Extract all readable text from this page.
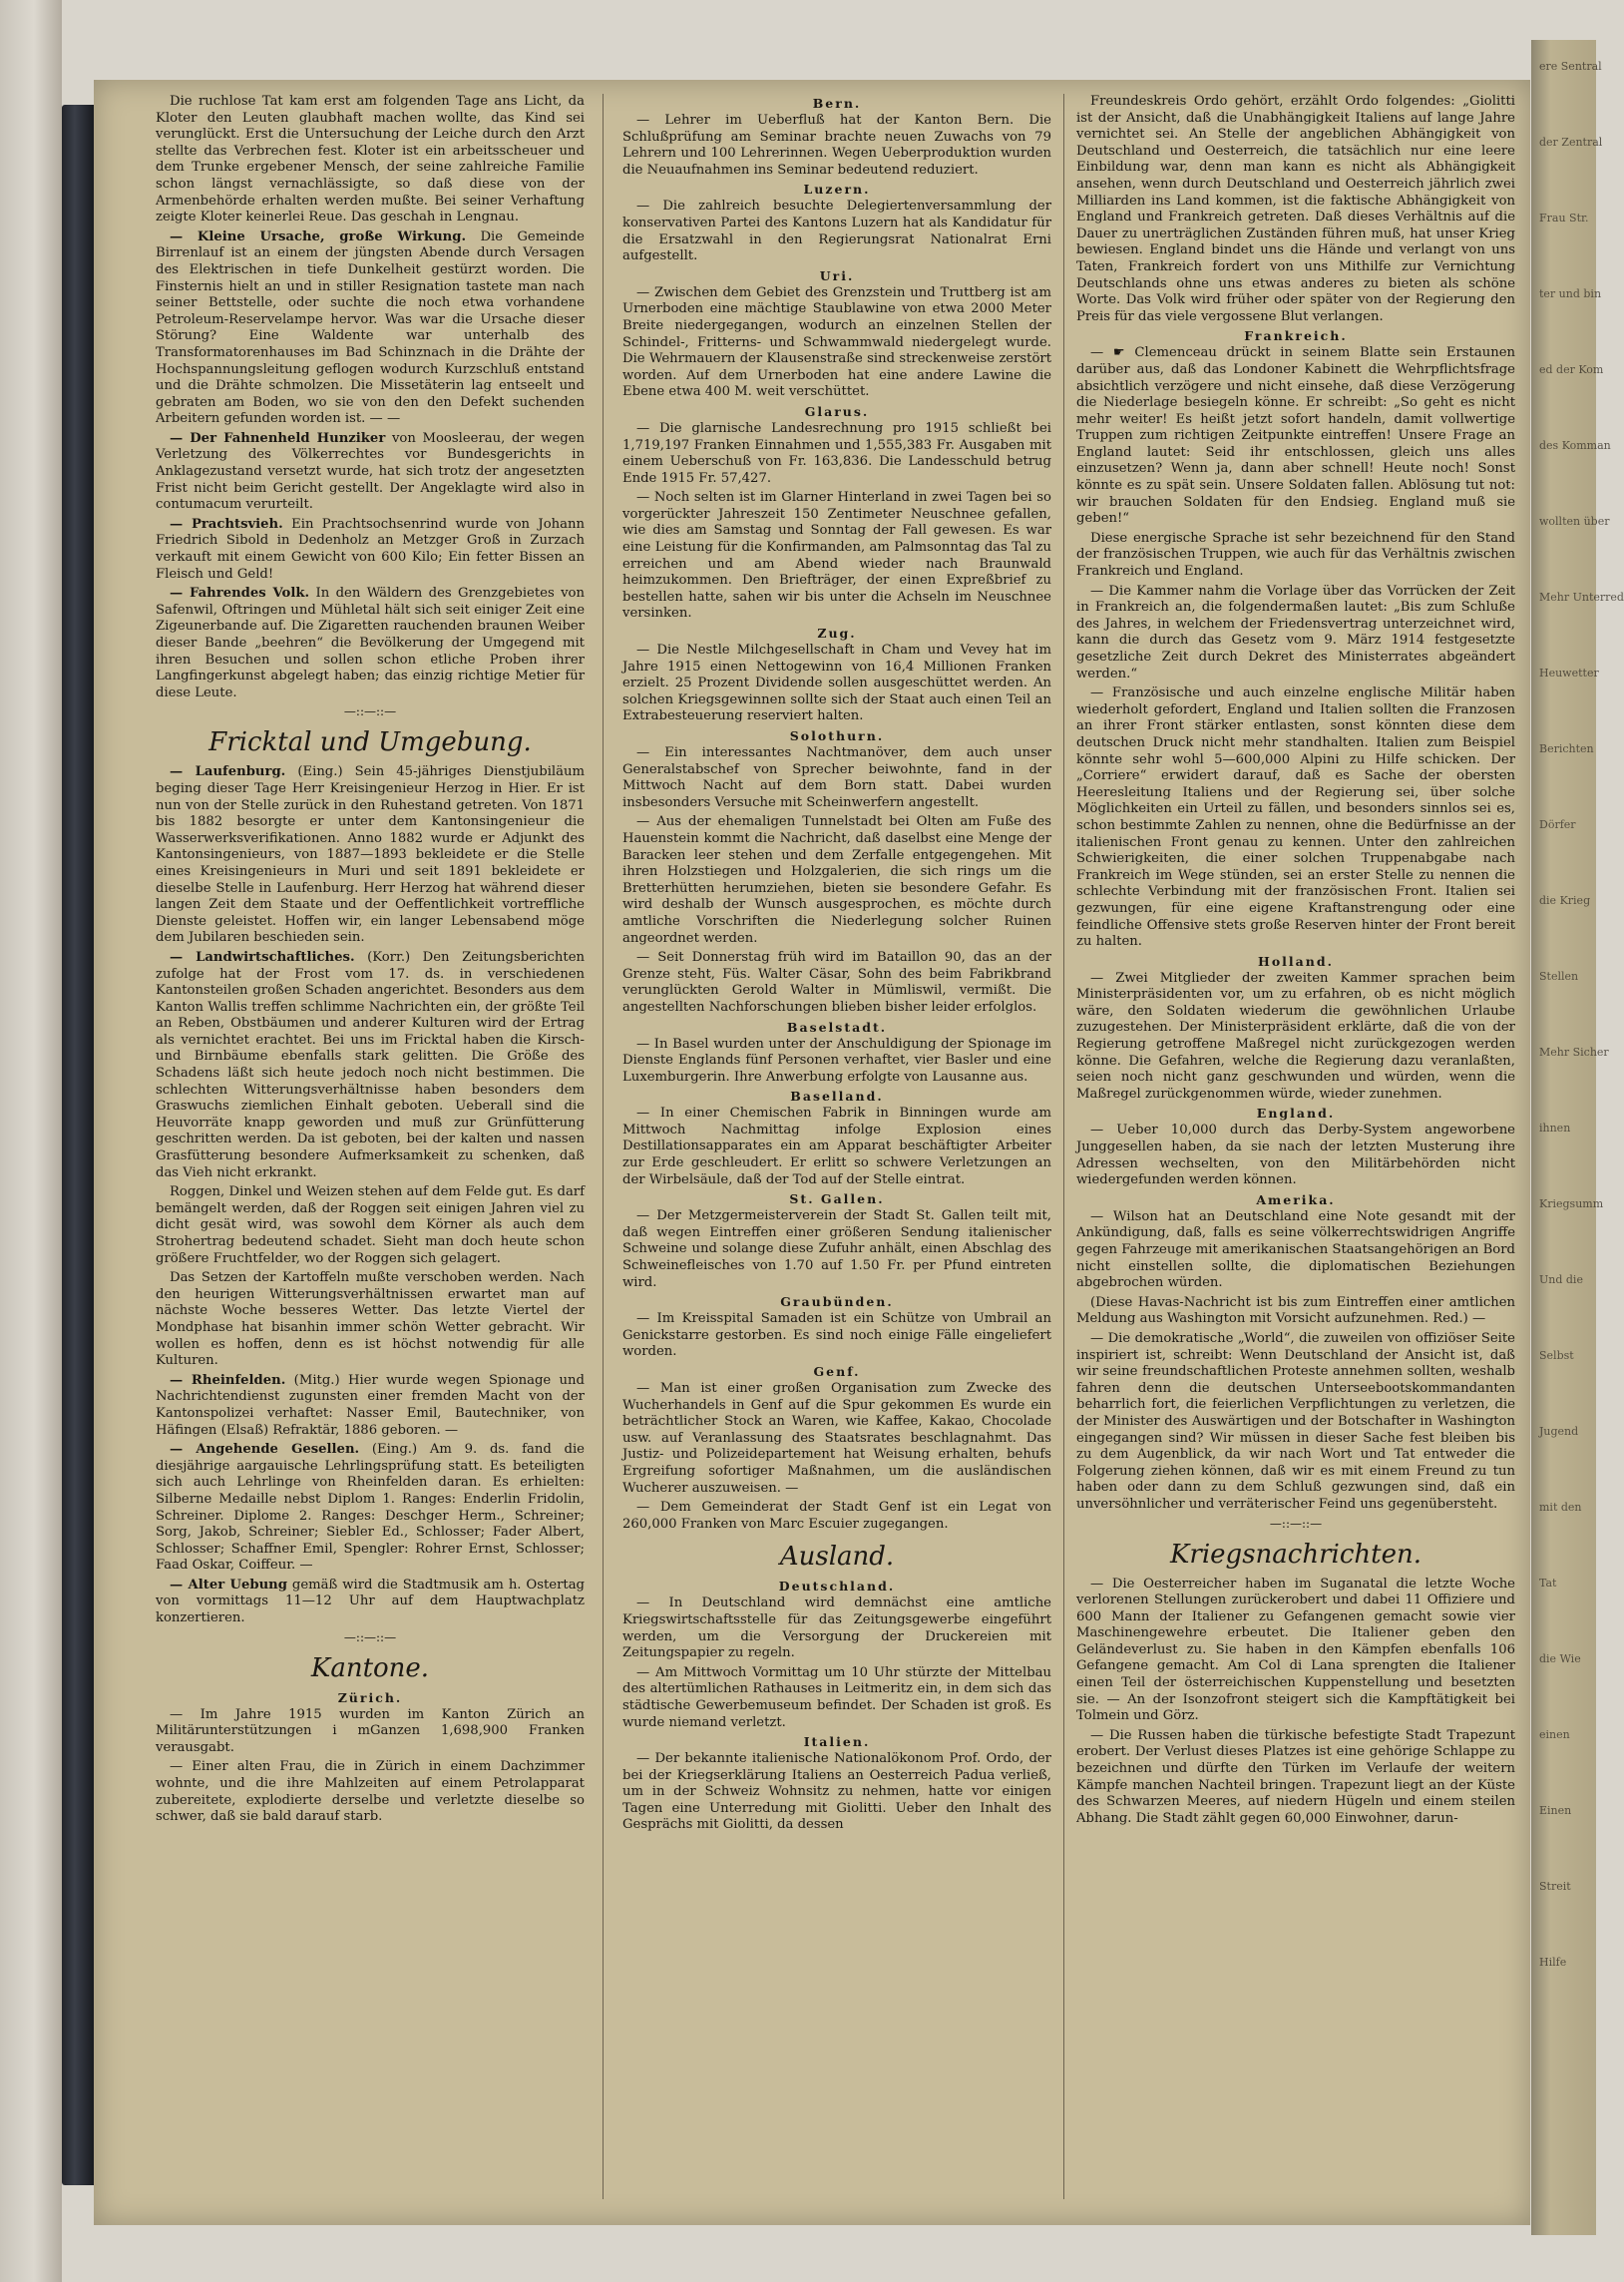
Die ruchlose Tat kam erst am folgenden Tage ans Licht, da Kloter den Leuten glaubhaft machen wollte, das Kind sei verunglückt. Erst die Untersuchung der Leiche durch den Arzt stellte das Verbrechen fest. Kloter ist ein arbeitsscheuer und dem Trunke ergebener Mensch, der seine zahlreiche Familie schon längst vernachlässigte, so daß diese von der Armenbehörde erhalten werden mußte. Bei seiner Verhaftung zeigte Kloter keinerlei Reue. Das geschah in Lengnau.

— Kleine Ursache, große Wirkung. Die Gemeinde Birrenlauf ist an einem der jüngsten Abende durch Versagen des Elektrischen in tiefe Dunkelheit gestürzt worden. Die Finsternis hielt an und in stiller Resignation tastete man nach seiner Bettstelle, oder suchte die noch etwa vorhandene Petroleum-Reservelampe hervor. Was war die Ursache dieser Störung? Eine Waldente war unterhalb des Transformatorenhauses im Bad Schinznach in die Drähte der Hochspannungsleitung geflogen wodurch Kurzschluß entstand und die Drähte schmolzen. Die Missetäterin lag entseelt und gebraten am Boden, wo sie von den den Defekt suchenden Arbeitern gefunden worden ist. — —

— Der Fahnenheld Hunziker von Moosleerau, der wegen Verletzung des Völkerrechtes vor Bundesgerichts in Anklagezustand versetzt wurde, hat sich trotz der angesetzten Frist nicht beim Gericht gestellt. Der Angeklagte wird also in contumacum verurteilt.

— Prachtsvieh. Ein Prachtsochsenrind wurde von Johann Friedrich Sibold in Dedenholz an Metzger Groß in Zurzach verkauft mit einem Gewicht von 600 Kilo; Ein fetter Bissen an Fleisch und Geld!

— Fahrendes Volk. In den Wäldern des Grenzgebietes von Safenwil, Oftringen und Mühletal hält sich seit einiger Zeit eine Zigeunerbande auf. Die Zigaretten rauchenden braunen Weiber dieser Bande „beehren“ die Bevölkerung der Umgegend mit ihren Besuchen und sollen schon etliche Proben ihrer Langfingerkunst abgelegt haben; das einzig richtige Metier für diese Leute.

—::—::—
Fricktal und Umgebung.

— Laufenburg. (Eing.) Sein 45-jähriges Dienstjubiläum beging dieser Tage Herr Kreisingenieur Herzog in Hier. Er ist nun von der Stelle zurück in den Ruhestand getreten. Von 1871 bis 1882 besorgte er unter dem Kantonsingenieur die Wasserwerksverifikationen. Anno 1882 wurde er Adjunkt des Kantonsingenieurs, von 1887—1893 bekleidete er die Stelle eines Kreisingenieurs in Muri und seit 1891 bekleidete er dieselbe Stelle in Laufenburg. Herr Herzog hat während dieser langen Zeit dem Staate und der Oeffentlichkeit vortreffliche Dienste geleistet. Hoffen wir, ein langer Lebensabend möge dem Jubilaren beschieden sein.

— Landwirtschaftliches. (Korr.) Den Zeitungsberichten zufolge hat der Frost vom 17. ds. in verschiedenen Kantonsteilen großen Schaden angerichtet. Besonders aus dem Kanton Wallis treffen schlimme Nachrichten ein, der größte Teil an Reben, Obstbäumen und anderer Kulturen wird der Ertrag als vernichtet erachtet. Bei uns im Fricktal haben die Kirsch- und Birnbäume ebenfalls stark gelitten. Die Größe des Schadens läßt sich heute jedoch noch nicht bestimmen. Die schlechten Witterungsverhältnisse haben besonders dem Graswuchs ziemlichen Einhalt geboten. Ueberall sind die Heuvorräte knapp geworden und muß zur Grünfütterung geschritten werden. Da ist geboten, bei der kalten und nassen Grasfütterung besondere Aufmerksamkeit zu schenken, daß das Vieh nicht erkrankt.

Roggen, Dinkel und Weizen stehen auf dem Felde gut. Es darf bemängelt werden, daß der Roggen seit einigen Jahren viel zu dicht gesät wird, was sowohl dem Körner als auch dem Strohertrag bedeutend schadet. Sieht man doch heute schon größere Fruchtfelder, wo der Roggen sich gelagert.

Das Setzen der Kartoffeln mußte verschoben werden. Nach den heurigen Witterungsverhältnissen erwartet man auf nächste Woche besseres Wetter. Das letzte Viertel der Mondphase hat bisanhin immer schön Wetter gebracht. Wir wollen es hoffen, denn es ist höchst notwendig für alle Kulturen.

— Rheinfelden. (Mitg.) Hier wurde wegen Spionage und Nachrichtendienst zugunsten einer fremden Macht von der Kantonspolizei verhaftet: Nasser Emil, Bautechniker, von Häfingen (Elsaß) Refraktär, 1886 geboren. —

— Angehende Gesellen. (Eing.) Am 9. ds. fand die diesjährige aargauische Lehrlingsprüfung statt. Es beteiligten sich auch Lehrlinge von Rheinfelden daran. Es erhielten: Silberne Medaille nebst Diplom 1. Ranges: Enderlin Fridolin, Schreiner. Diplome 2. Ranges: Deschger Herm., Schreiner; Sorg, Jakob, Schreiner; Siebler Ed., Schlosser; Fader Albert, Schlosser; Schaffner Emil, Spengler: Rohrer Ernst, Schlosser; Faad Oskar, Coiffeur. —

— Alter Uebung gemäß wird die Stadtmusik am h. Ostertag von vormittags 11—12 Uhr auf dem Hauptwachplatz konzertieren.

—::—::—
Kantone.
Zürich.

— Im Jahre 1915 wurden im Kanton Zürich an Militärunterstützungen i mGanzen 1,698,900 Franken verausgabt.

— Einer alten Frau, die in Zürich in einem Dachzimmer wohnte, und die ihre Mahlzeiten auf einem Petrolapparat zubereitete, explodierte derselbe und verletzte dieselbe so schwer, daß sie bald darauf starb.

Bern.

— Lehrer im Ueberfluß hat der Kanton Bern. Die Schlußprüfung am Seminar brachte neuen Zuwachs von 79 Lehrern und 100 Lehrerinnen. Wegen Ueberproduktion wurden die Neuaufnahmen ins Seminar bedeutend reduziert.

Luzern.

— Die zahlreich besuchte Delegiertenversammlung der konservativen Partei des Kantons Luzern hat als Kandidatur für die Ersatzwahl in den Regierungsrat Nationalrat Erni aufgestellt.

Uri.

— Zwischen dem Gebiet des Grenzstein und Truttberg ist am Urnerboden eine mächtige Staublawine von etwa 2000 Meter Breite niedergegangen, wodurch an einzelnen Stellen der Schindel-, Fritterns- und Schwammwald niedergelegt wurde. Die Wehrmauern der Klausenstraße sind streckenweise zerstört worden. Auf dem Urnerboden hat eine andere Lawine die Ebene etwa 400 M. weit verschüttet.

Glarus.

— Die glarnische Landesrechnung pro 1915 schließt bei 1,719,197 Franken Einnahmen und 1,555,383 Fr. Ausgaben mit einem Ueberschuß von Fr. 163,836. Die Landesschuld betrug Ende 1915 Fr. 57,427.

— Noch selten ist im Glarner Hinterland in zwei Tagen bei so vorgerückter Jahreszeit 150 Zentimeter Neuschnee gefallen, wie dies am Samstag und Sonntag der Fall gewesen. Es war eine Leistung für die Konfirmanden, am Palmsonntag das Tal zu erreichen und am Abend wieder nach Braunwald heimzukommen. Den Briefträger, der einen Expreßbrief zu bestellen hatte, sahen wir bis unter die Achseln im Neuschnee versinken.

Zug.

— Die Nestle Milchgesellschaft in Cham und Vevey hat im Jahre 1915 einen Nettogewinn von 16,4 Millionen Franken erzielt. 25 Prozent Dividende sollen ausgeschüttet werden. An solchen Kriegsgewinnen sollte sich der Staat auch einen Teil an Extrabesteuerung reserviert halten.

Solothurn.

— Ein interessantes Nachtmanöver, dem auch unser Generalstabschef von Sprecher beiwohnte, fand in der Mittwoch Nacht auf dem Born statt. Dabei wurden insbesonders Versuche mit Scheinwerfern angestellt.

— Aus der ehemaligen Tunnelstadt bei Olten am Fuße des Hauenstein kommt die Nachricht, daß daselbst eine Menge der Baracken leer stehen und dem Zerfalle entgegengehen. Mit ihren Holzstiegen und Holzgalerien, die sich rings um die Bretterhütten herumziehen, bieten sie besondere Gefahr. Es wird deshalb der Wunsch ausgesprochen, es möchte durch amtliche Vorschriften die Niederlegung solcher Ruinen angeordnet werden.

— Seit Donnerstag früh wird im Bataillon 90, das an der Grenze steht, Füs. Walter Cäsar, Sohn des beim Fabrikbrand verunglückten Gerold Walter in Mümliswil, vermißt. Die angestellten Nachforschungen blieben bisher leider erfolglos.

Baselstadt.

— In Basel wurden unter der Anschuldigung der Spionage im Dienste Englands fünf Personen verhaftet, vier Basler und eine Luxemburgerin. Ihre Anwerbung erfolgte von Lausanne aus.

Baselland.

— In einer Chemischen Fabrik in Binningen wurde am Mittwoch Nachmittag infolge Explosion eines Destillationsapparates ein am Apparat beschäftigter Arbeiter zur Erde geschleudert. Er erlitt so schwere Verletzungen an der Wirbelsäule, daß der Tod auf der Stelle eintrat.

St. Gallen.

— Der Metzgermeisterverein der Stadt St. Gallen teilt mit, daß wegen Eintreffen einer größeren Sendung italienischer Schweine und solange diese Zufuhr anhält, einen Abschlag des Schweinefleisches von 1.70 auf 1.50 Fr. per Pfund eintreten wird.

Graubünden.

— Im Kreisspital Samaden ist ein Schütze von Umbrail an Genickstarre gestorben. Es sind noch einige Fälle eingeliefert worden.

Genf.

— Man ist einer großen Organisation zum Zwecke des Wucherhandels in Genf auf die Spur gekommen Es wurde ein beträchtlicher Stock an Waren, wie Kaffee, Kakao, Chocolade usw. auf Veranlassung des Staatsrates beschlagnahmt. Das Justiz- und Polizeidepartement hat Weisung erhalten, behufs Ergreifung sofortiger Maßnahmen, um die ausländischen Wucherer auszuweisen. —

— Dem Gemeinderat der Stadt Genf ist ein Legat von 260,000 Franken von Marc Escuier zugegangen.

Ausland.
Deutschland.

— In Deutschland wird demnächst eine amtliche Kriegswirtschaftsstelle für das Zeitungsgewerbe eingeführt werden, um die Versorgung der Druckereien mit Zeitungspapier zu regeln.

— Am Mittwoch Vormittag um 10 Uhr stürzte der Mittelbau des altertümlichen Rathauses in Leitmeritz ein, in dem sich das städtische Gewerbemuseum befindet. Der Schaden ist groß. Es wurde niemand verletzt.

Italien.

— Der bekannte italienische Nationalökonom Prof. Ordo, der bei der Kriegserklärung Italiens an Oesterreich Padua verließ, um in der Schweiz Wohnsitz zu nehmen, hatte vor einigen Tagen eine Unterredung mit Giolitti. Ueber den Inhalt des Gesprächs mit Giolitti, da dessen

Freundeskreis Ordo gehört, erzählt Ordo folgendes: „Giolitti ist der Ansicht, daß die Unabhängigkeit Italiens auf lange Jahre vernichtet sei. An Stelle der angeblichen Abhängigkeit von Deutschland und Oesterreich, die tatsächlich nur eine leere Einbildung war, denn man kann es nicht als Abhängigkeit ansehen, wenn durch Deutschland und Oesterreich jährlich zwei Milliarden ins Land kommen, ist die faktische Abhängigkeit von England und Frankreich getreten. Daß dieses Verhältnis auf die Dauer zu unerträglichen Zuständen führen muß, hat unser Krieg bewiesen. England bindet uns die Hände und verlangt von uns Taten, Frankreich fordert von uns Mithilfe zur Vernichtung Deutschlands ohne uns etwas anderes zu bieten als schöne Worte. Das Volk wird früher oder später von der Regierung den Preis für das viele vergossene Blut verlangen.

Frankreich.

— ☛ Clemenceau drückt in seinem Blatte sein Erstaunen darüber aus, daß das Londoner Kabinett die Wehrpflichtsfrage absichtlich verzögere und nicht einsehe, daß diese Verzögerung die Niederlage besiegeln könne. Er schreibt: „So geht es nicht mehr weiter! Es heißt jetzt sofort handeln, damit vollwertige Truppen zum richtigen Zeitpunkte eintreffen! Unsere Frage an England lautet: Seid ihr entschlossen, gleich uns alles einzusetzen? Wenn ja, dann aber schnell! Heute noch! Sonst könnte es zu spät sein. Unsere Soldaten fallen. Ablösung tut not: wir brauchen Soldaten für den Endsieg. England muß sie geben!“

Diese energische Sprache ist sehr bezeichnend für den Stand der französischen Truppen, wie auch für das Verhältnis zwischen Frankreich und England.

— Die Kammer nahm die Vorlage über das Vorrücken der Zeit in Frankreich an, die folgendermaßen lautet: „Bis zum Schluße des Jahres, in welchem der Friedensvertrag unterzeichnet wird, kann die durch das Gesetz vom 9. März 1914 festgesetzte gesetzliche Zeit durch Dekret des Ministerrates abgeändert werden.“

— Französische und auch einzelne englische Militär haben wiederholt gefordert, England und Italien sollten die Franzosen an ihrer Front stärker entlasten, sonst könnten diese dem deutschen Druck nicht mehr standhalten. Italien zum Beispiel könnte sehr wohl 5—600,000 Alpini zu Hilfe schicken. Der „Corriere“ erwidert darauf, daß es Sache der obersten Heeresleitung Italiens und der Regierung sei, über solche Möglichkeiten ein Urteil zu fällen, und besonders sinnlos sei es, schon bestimmte Zahlen zu nennen, ohne die Bedürfnisse an der italienischen Front genau zu kennen. Unter den zahlreichen Schwierigkeiten, die einer solchen Truppenabgabe nach Frankreich im Wege stünden, sei an erster Stelle zu nennen die schlechte Verbindung mit der französischen Front. Italien sei gezwungen, für eine eigene Kraftanstrengung oder eine feindliche Offensive stets große Reserven hinter der Front bereit zu halten.

Holland.

— Zwei Mitglieder der zweiten Kammer sprachen beim Ministerpräsidenten vor, um zu erfahren, ob es nicht möglich wäre, den Soldaten wiederum die gewöhnlichen Urlaube zuzugestehen. Der Ministerpräsident erklärte, daß die von der Regierung getroffene Maßregel nicht zurückgezogen werden könne. Die Gefahren, welche die Regierung dazu veranlaßten, seien noch nicht ganz geschwunden und würden, wenn die Maßregel zurückgenommen würde, wieder zunehmen.

England.

— Ueber 10,000 durch das Derby-System angeworbene Junggesellen haben, da sie nach der letzten Musterung ihre Adressen wechselten, von den Militärbehörden nicht wiedergefunden werden können.

Amerika.

— Wilson hat an Deutschland eine Note gesandt mit der Ankündigung, daß, falls es seine völkerrechtswidrigen Angriffe gegen Fahrzeuge mit amerikanischen Staatsangehörigen an Bord nicht einstellen sollte, die diplomatischen Beziehungen abgebrochen würden.

(Diese Havas-Nachricht ist bis zum Eintreffen einer amtlichen Meldung aus Washington mit Vorsicht aufzunehmen. Red.) —

— Die demokratische „World“, die zuweilen von offiziöser Seite inspiriert ist, schreibt: Wenn Deutschland der Ansicht ist, daß wir seine freundschaftlichen Proteste annehmen sollten, weshalb fahren denn die deutschen Unterseebootskommandanten beharrlich fort, die feierlichen Verpflichtungen zu verletzen, die der Minister des Auswärtigen und der Botschafter in Washington eingegangen sind? Wir müssen in dieser Sache fest bleiben bis zu dem Augenblick, da wir nach Wort und Tat entweder die Folgerung ziehen können, daß wir es mit einem Freund zu tun haben oder dann zu dem Schluß gezwungen sind, daß ein unversöhnlicher und verräterischer Feind uns gegenübersteht.

—::—::—
Kriegsnachrichten.

— Die Oesterreicher haben im Suganatal die letzte Woche verlorenen Stellungen zurückerobert und dabei 11 Offiziere und 600 Mann der Italiener zu Gefangenen gemacht sowie vier Maschinengewehre erbeutet. Die Italiener geben den Geländeverlust zu. Sie haben in den Kämpfen ebenfalls 106 Gefangene gemacht. Am Col di Lana sprengten die Italiener einen Teil der österreichischen Kuppenstellung und besetzten sie. — An der Isonzofront steigert sich die Kampftätigkeit bei Tolmein und Görz.

— Die Russen haben die türkische befestigte Stadt Trapezunt erobert. Der Verlust dieses Platzes ist eine gehörige Schlappe zu bezeichnen und dürfte den Türken im Verlaufe der weitern Kämpfe manchen Nachteil bringen. Trapezunt liegt an der Küste des Schwarzen Meeres, auf niedern Hügeln und einem steilen Abhang. Die Stadt zählt gegen 60,000 Einwohner, darun-

ere Sentral
der Zentral
Frau Str.
ter und bin
ed der Kom
des Komman
wollten über
Mehr Unterred
Heuwetter
Berichten
Dörfer
die Krieg
Stellen
Mehr Sicher
ihnen
Kriegsumm
Und die
Selbst
Jugend
mit den
Tat
die Wie
einen
Einen
Streit
Hilfe
